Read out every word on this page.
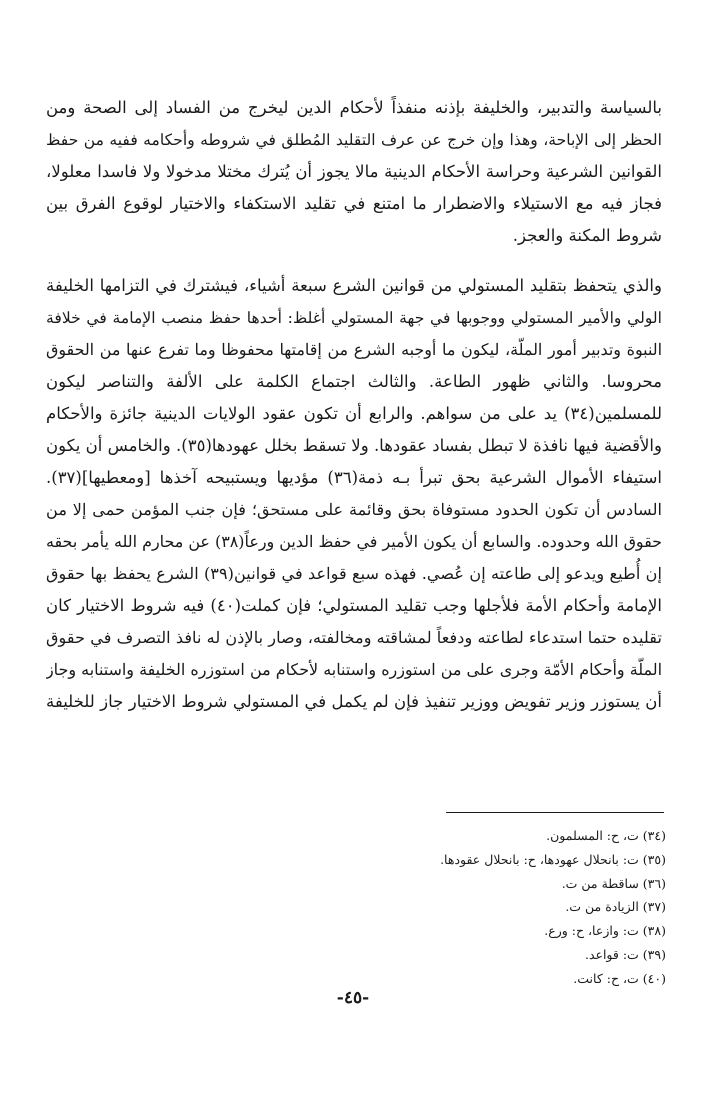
بالسياسة والتدبير، والخليفة بإذنه منفذاً لأحكام الدين ليخرج من الفساد إلى الصحة ومن
الحظر إلى الإباحة، وهذا وإن خرج عن عرف التقليد المُطلق في شروطه وأحكامه ففيه من حفظ
القوانين الشرعية وحراسة الأحكام الدينية مالا يجوز أن يُترك مختلا مدخولا ولا فاسدا معلولا،
فجاز فيه مع الاستيلاء والاضطرار ما امتنع في تقليد الاستكفاء والاختيار لوقوع الفرق بين
شروط المكنة والعجز.
والذي يتحفظ بتقليد المستولي من قوانين الشرع سبعة أشياء، فيشترك في التزامها الخليفة
الولي والأمير المستولي ووجوبها في جهة المستولي أغلظ: أحدها حفظ منصب الإمامة في خلافة
النبوة وتدبير أمور الملّة، ليكون ما أوجبه الشرع من إقامتها محفوظا وما تفرع عنها من الحقوق
محروسا. والثاني ظهور الطاعة. والثالث اجتماع الكلمة على الألفة والتناصر ليكون
للمسلمين(٣٤) يد على من سواهم. والرابع أن تكون عقود الولايات الدينية جائزة والأحكام
والأقضية فيها نافذة لا تبطل بفساد عقودها. ولا تسقط بخلل عهودها(٣٥). والخامس أن يكون
استيفاء الأموال الشرعية بحق تبرأ بـه ذمة(٣٦) مؤديها ويستبيحه آخذها [ومعطيها](٣٧).
السادس أن تكون الحدود مستوفاة بحق وقائمة على مستحق؛ فإن جنب المؤمن حمى إلا من
حقوق الله وحدوده. والسابع أن يكون الأمير في حفظ الدين ورعاً(٣٨) عن محارم الله يأمر بحقه
إن أُطيع ويدعو إلى طاعته إن عُصي. فهذه سبع قواعد في قوانين(٣٩) الشرع يحفظ بها حقوق
الإمامة وأحكام الأمة فلأجلها وجب تقليد المستولي؛ فإن كملت(٤٠) فيه شروط الاختيار كان
تقليده حتما استدعاء لطاعته ودفعاً لمشاقته ومخالفته، وصار بالإذن له نافذ التصرف في حقوق
الملّة وأحكام الأمّة وجرى على من استوزره واستنابه لأحكام من استوزره الخليفة واستنابه وجاز
أن يستوزر وزير تفويض ووزير تنفيذ فإن لم يكمل في المستولي شروط الاختيار جاز للخليفة
(٣٤) ت، ح: المسلمون.
(٣٥) ت: بانحلال عهودها، ح: بانحلال عقودها.
(٣٦) ساقطة من ت.
(٣٧) الزيادة من ت.
(٣٨) ت: وازعا، ح: ورع.
(٣٩) ت: قواعد.
(٤٠) ت، ح: كانت.
-٤٥-
